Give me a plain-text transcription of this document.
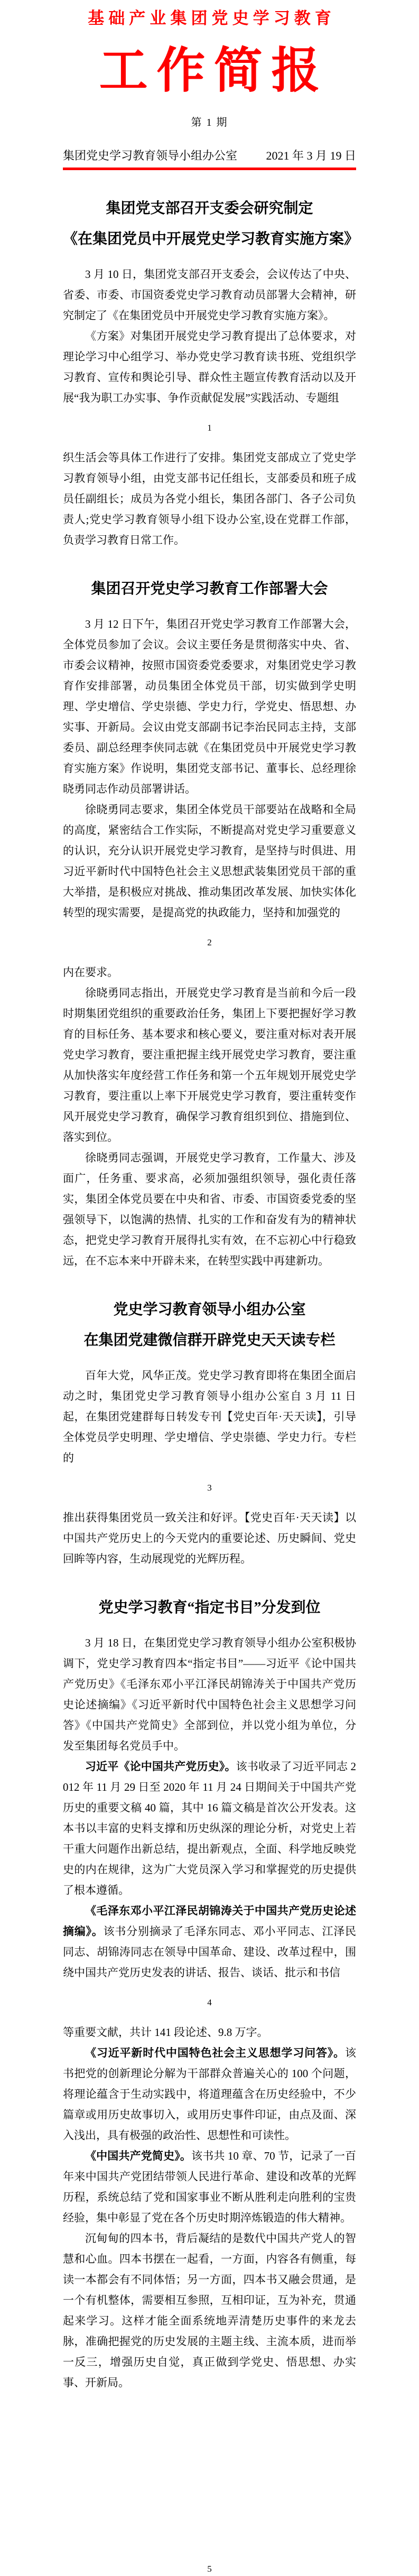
基础产业集团党史学习教育
工作简报
第 1 期
集团党史学习教育领导小组办公室 2021 年 3 月 19 日
集团党支部召开支委会研究制定
《在集团党员中开展党史学习教育实施方案》

3 月 10 日，集团党支部召开支委会，会议传达了中央、省委、市委、市国资委党史学习教育动员部署大会精神，研究制定了《在集团党员中开展党史学习教育实施方案》。

《方案》对集团开展党史学习教育提出了总体要求，对理论学习中心组学习、举办党史学习教育读书班、党组织学习教育、宣传和舆论引导、群众性主题宣传教育活动以及开展“我为职工办实事、争作贡献促发展”实践活动、专题组

1

织生活会等具体工作进行了安排。集团党支部成立了党史学习教育领导小组，由党支部书记任组长，支部委员和班子成员任副组长；成员为各党小组长，集团各部门、各子公司负责人;党史学习教育领导小组下设办公室,设在党群工作部，负责学习教育日常工作。

集团召开党史学习教育工作部署大会

3 月 12 日下午，集团召开党史学习教育工作部署大会，全体党员参加了会议。会议主要任务是贯彻落实中央、省、市委会议精神，按照市国资委党委要求，对集团党史学习教育作安排部署，动员集团全体党员干部，切实做到学史明理、学史增信、学史崇德、学史力行，学党史、悟思想、办实事、开新局。会议由党支部副书记李治民同志主持，支部委员、副总经理李侠同志就《在集团党员中开展党史学习教育实施方案》作说明，集团党支部书记、董事长、总经理徐晓勇同志作动员部署讲话。

徐晓勇同志要求，集团全体党员干部要站在战略和全局的高度，紧密结合工作实际，不断提高对党史学习重要意义的认识，充分认识开展党史学习教育，是坚持与时俱进、用习近平新时代中国特色社会主义思想武装集团党员干部的重大举措，是积极应对挑战、推动集团改革发展、加快实体化转型的现实需要，是提高党的执政能力，坚持和加强党的

2

内在要求。

徐晓勇同志指出，开展党史学习教育是当前和今后一段时期集团党组织的重要政治任务，集团上下要把握好学习教育的目标任务、基本要求和核心要义，要注重对标对表开展党史学习教育，要注重把握主线开展党史学习教育，要注重从加快落实年度经营工作任务和第一个五年规划开展党史学习教育，要注重以上率下开展党史学习教育，要注重转变作风开展党史学习教育，确保学习教育组织到位、措施到位、落实到位。

徐晓勇同志强调，开展党史学习教育，工作量大、涉及面广，任务重、要求高，必须加强组织领导，强化责任落实，集团全体党员要在中央和省、市委、市国资委党委的坚强领导下，以饱满的热情、扎实的工作和奋发有为的精神状态，把党史学习教育开展得扎实有效，在不忘初心中行稳致远，在不忘本来中开辟未来，在转型实践中再建新功。

党史学习教育领导小组办公室
在集团党建微信群开辟党史天天读专栏

百年大党，风华正茂。党史学习教育即将在集团全面启动之时，集团党史学习教育领导小组办公室自 3 月 11 日起，在集团党建群每日转发专刊【党史百年·天天读】，引导全体党员学史明理、学史增信、学史崇德、学史力行。专栏的

3

推出获得集团党员一致关注和好评。【党史百年·天天读】以中国共产党历史上的今天党内的重要论述、历史瞬间、党史回眸等内容，生动展现党的光辉历程。

党史学习教育“指定书目”分发到位

3 月 18 日，在集团党史学习教育领导小组办公室积极协调下，党史学习教育四本“指定书目”——习近平《论中国共产党历史》《毛泽东邓小平江泽民胡锦涛关于中国共产党历史论述摘编》《习近平新时代中国特色社会主义思想学习问答》《中国共产党简史》全部到位，并以党小组为单位，分发至集团每名党员手中。

习近平《论中国共产党历史》。该书收录了习近平同志 2012 年 11 月 29 日至 2020 年 11 月 24 日期间关于中国共产党历史的重要文稿 40 篇，其中 16 篇文稿是首次公开发表。这本书以丰富的史料支撑和历史纵深的理论分析，对党史上若干重大问题作出新总结，提出新观点，全面、科学地反映党史的内在规律，这为广大党员深入学习和掌握党的历史提供了根本遵循。

《毛泽东邓小平江泽民胡锦涛关于中国共产党历史论述摘编》。该书分别摘录了毛泽东同志、邓小平同志、江泽民同志、胡锦涛同志在领导中国革命、建设、改革过程中，围绕中国共产党历史发表的讲话、报告、谈话、批示和书信

4

等重要文献，共计 141 段论述、9.8 万字。

《习近平新时代中国特色社会主义思想学习问答》。该书把党的创新理论分解为干部群众普遍关心的 100 个问题，将理论蕴含于生动实践中，将道理蕴含在历史经验中，不少篇章或用历史故事切入，或用历史事件印证，由点及面、深入浅出，具有极强的政治性、思想性和可读性。

《中国共产党简史》。该书共 10 章、70 节，记录了一百年来中国共产党团结带领人民进行革命、建设和改革的光辉历程，系统总结了党和国家事业不断从胜利走向胜利的宝贵经验，集中彰显了党在各个历史时期淬炼锻造的伟大精神。

沉甸甸的四本书，背后凝结的是数代中国共产党人的智慧和心血。四本书摆在一起看，一方面，内容各有侧重，每读一本都会有不同体悟；另一方面，四本书又融会贯通，是一个有机整体，需要相互参照，互相印证，互为补充，贯通起来学习。这样才能全面系统地弄清楚历史事件的来龙去脉，准确把握党的历史发展的主题主线、主流本质，进而举一反三，增强历史自觉，真正做到学党史、悟思想、办实事、开新局。

5
